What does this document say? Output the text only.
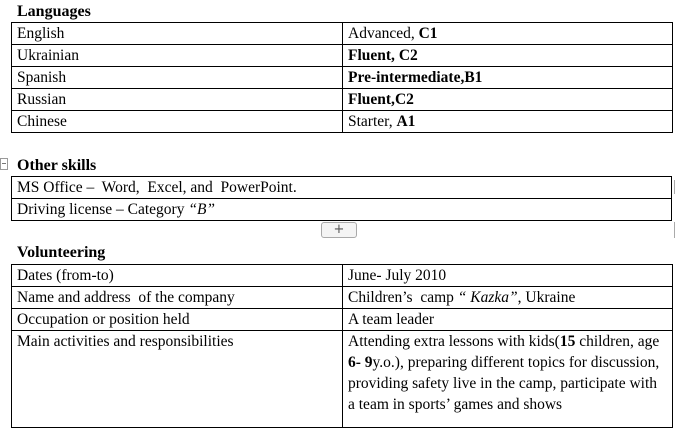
Languages
English	Advanced, C1
Ukrainian	Fluent, C2
Spanish	Pre-intermediate,B1
Russian	Fluent,C2
Chinese	Starter, A1
Other skills
MS Office –  Word,  Excel, and  PowerPoint.
Driving license – Category “B”
+
Volunteering
Dates (from-to)	June- July 2010
Name and address  of the company	Children’s  camp “ Kazka”, Ukraine
Occupation or position held	A team leader
Main activities and responsibilities	Attending extra lessons with kids(15 children, age 6- 9y.o.), preparing different topics for discussion, providing safety live in the camp, participate with a team in sports’ games and shows
